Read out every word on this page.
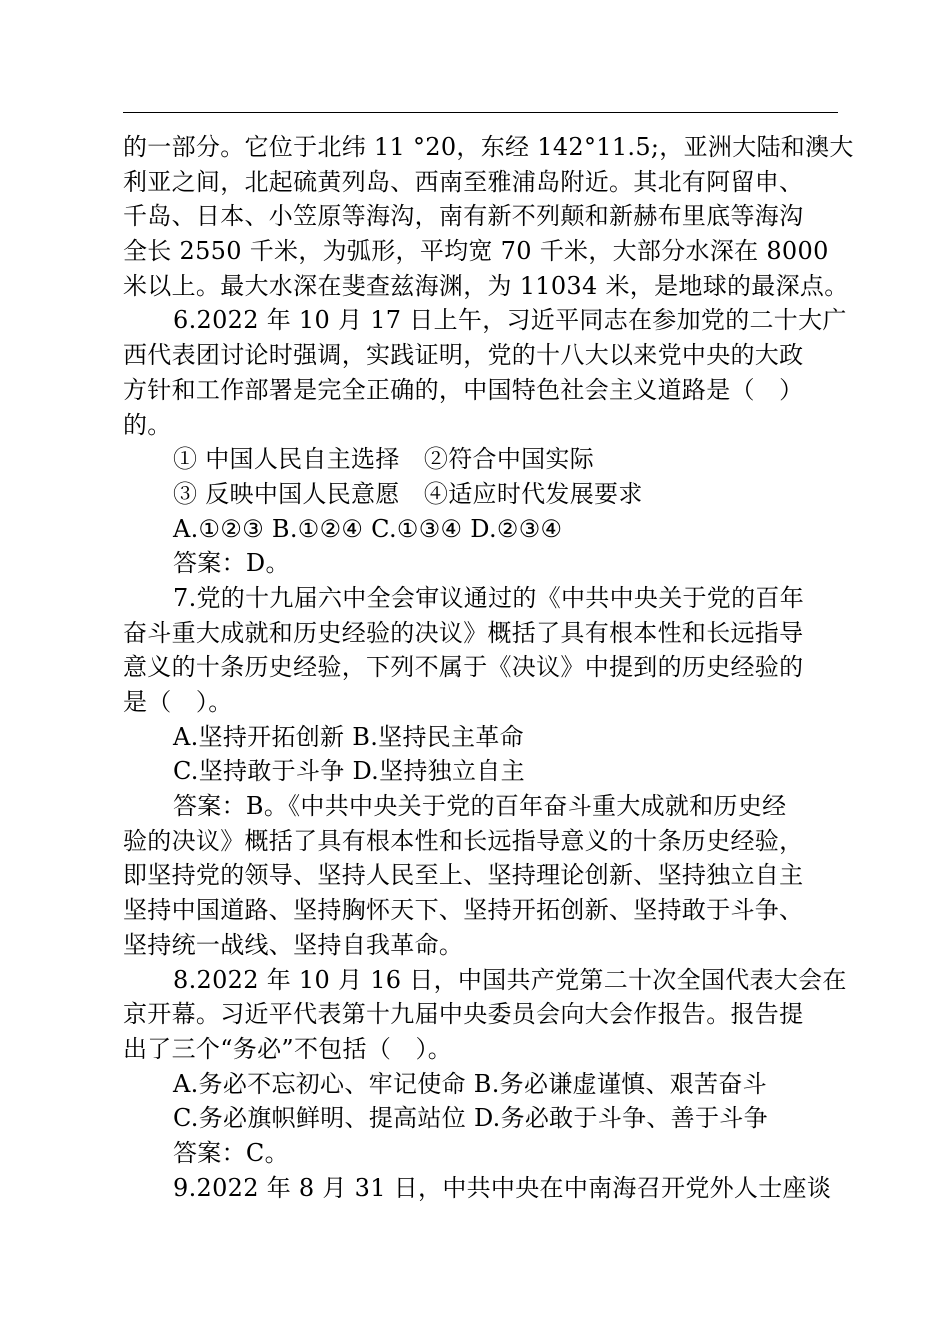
的一部分。它位于北纬 11 °20，东经 142°11.5;，亚洲大陆和澳大
利亚之间，北起硫黄列岛、西南至雅浦岛附近。其北有阿留申、
千岛、日本、小笠原等海沟，南有新不列颠和新赫布里底等海沟
全长 2550 千米，为弧形，平均宽 70 千米，大部分水深在 8000
米以上。最大水深在斐查兹海渊，为 11034 米，是地球的最深点。
6.2022 年 10 月 17 日上午，习近平同志在参加党的二十大广
西代表团讨论时强调，实践证明，党的十八大以来党中央的大政
方针和工作部署是完全正确的，中国特色社会主义道路是（　）
的。
① 中国人民自主选择　②符合中国实际
③ 反映中国人民意愿　④适应时代发展要求
A.①②③ B.①②④ C.①③④ D.②③④
答案：D。
7.党的十九届六中全会审议通过的《中共中央关于党的百年
奋斗重大成就和历史经验的决议》概括了具有根本性和长远指导
意义的十条历史经验，下列不属于《决议》中提到的历史经验的
是（　）。
A.坚持开拓创新 B.坚持民主革命
C.坚持敢于斗争 D.坚持独立自主
答案：B。《中共中央关于党的百年奋斗重大成就和历史经
验的决议》概括了具有根本性和长远指导意义的十条历史经验，
即坚持党的领导、坚持人民至上、坚持理论创新、坚持独立自主
坚持中国道路、坚持胸怀天下、坚持开拓创新、坚持敢于斗争、
坚持统一战线、坚持自我革命。
8.2022 年 10 月 16 日，中国共产党第二十次全国代表大会在
京开幕。习近平代表第十九届中央委员会向大会作报告。报告提
出了三个“务必”不包括（　）。
A.务必不忘初心、牢记使命 B.务必谦虚谨慎、艰苦奋斗
C.务必旗帜鲜明、提高站位 D.务必敢于斗争、善于斗争
答案：C。
9.2022 年 8 月 31 日，中共中央在中南海召开党外人士座谈
